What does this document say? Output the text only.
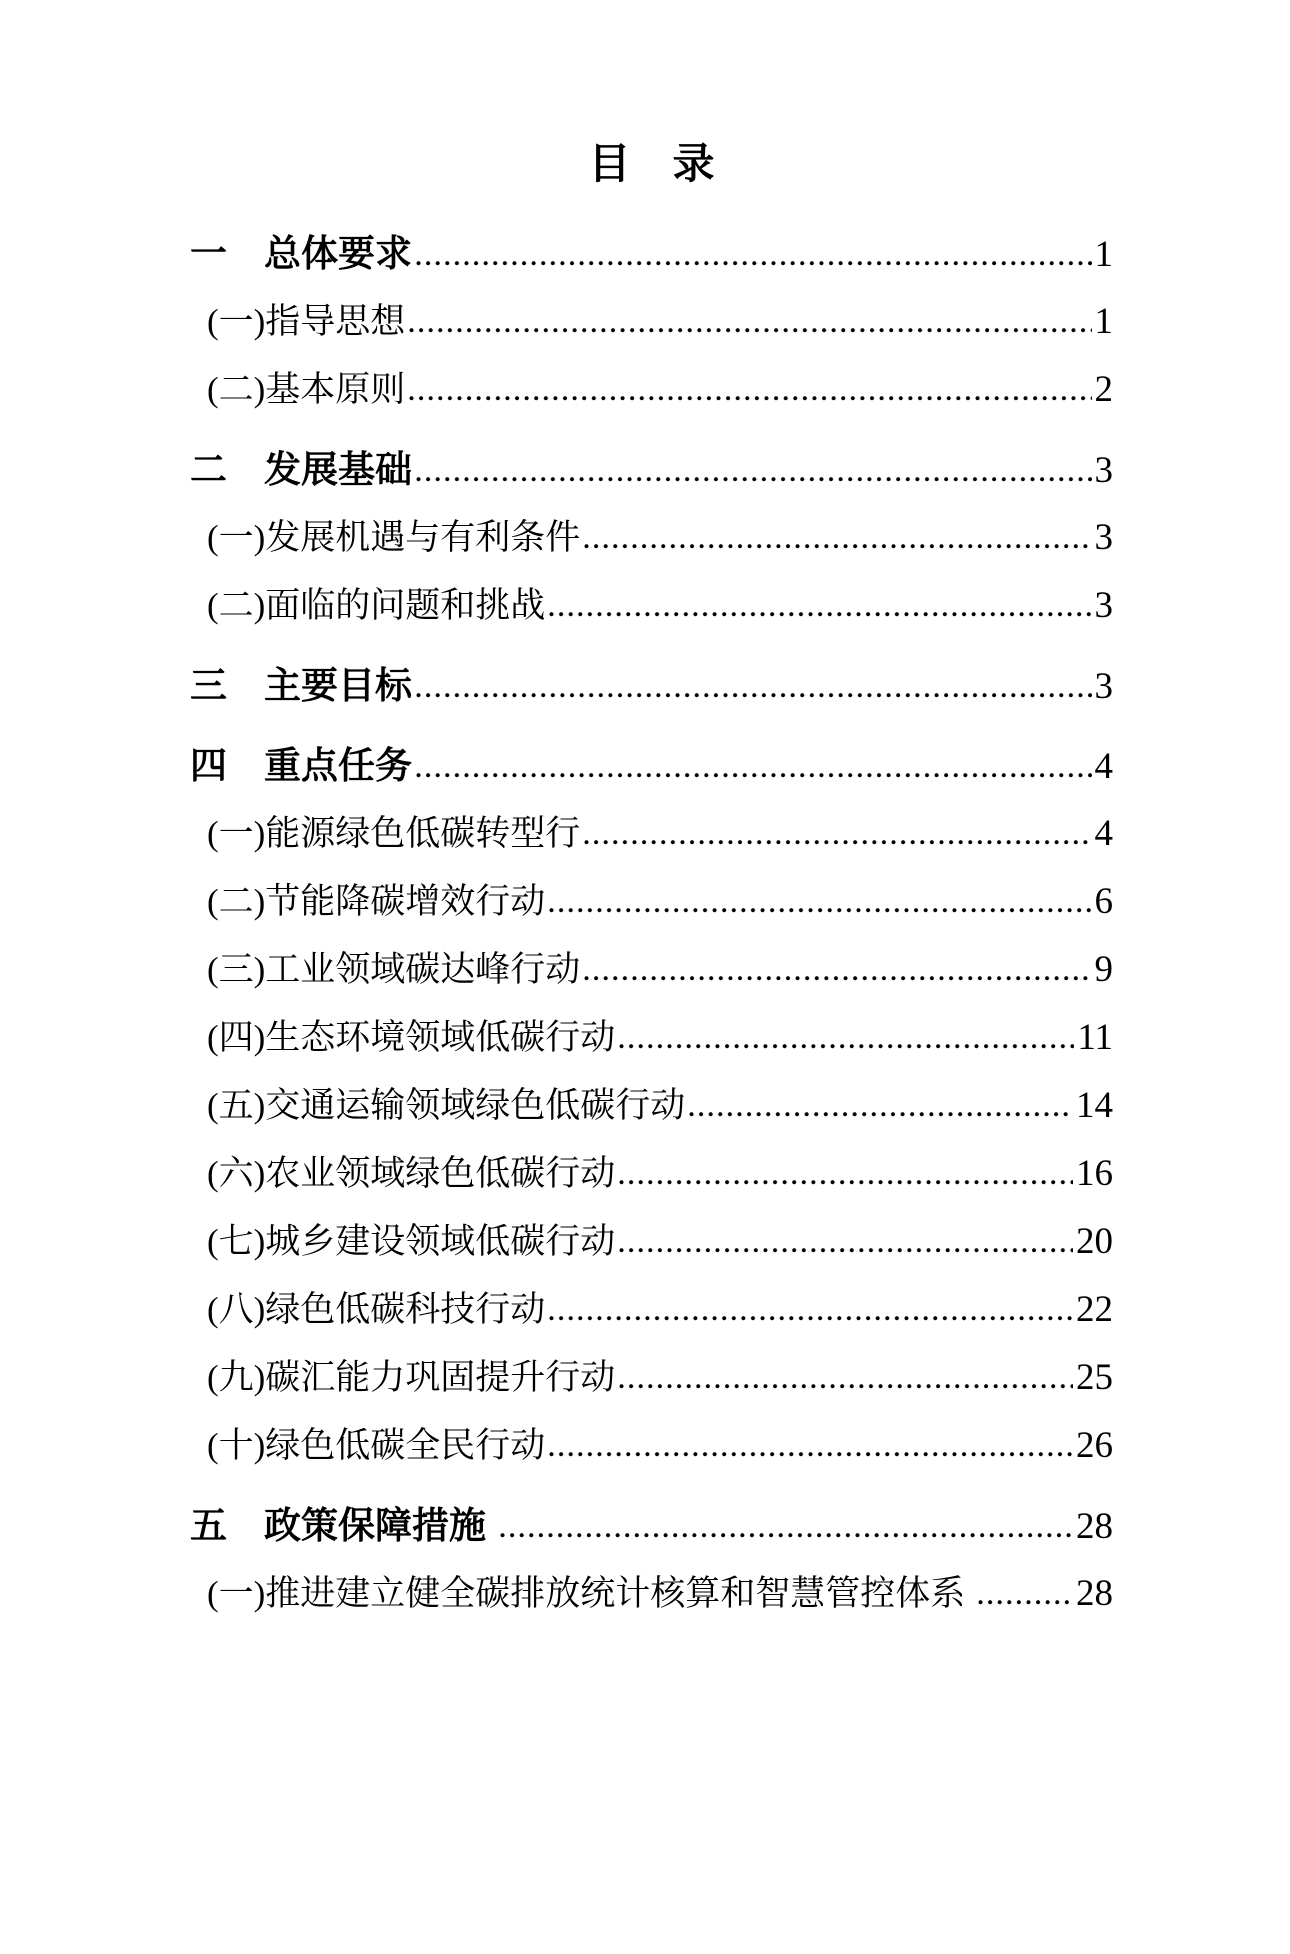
目　录
一　总体要求	1
(一)指导思想	1
(二)基本原则	2
二　发展基础	3
(一)发展机遇与有利条件	3
(二)面临的问题和挑战	3
三　主要目标	3
四　重点任务	4
(一)能源绿色低碳转型行	4
(二)节能降碳增效行动	6
(三)工业领域碳达峰行动	9
(四)生态环境领域低碳行动	11
(五)交通运输领域绿色低碳行动	14
(六)农业领域绿色低碳行动	16
(七)城乡建设领域低碳行动	20
(八)绿色低碳科技行动	22
(九)碳汇能力巩固提升行动	25
(十)绿色低碳全民行动	26
五　政策保障措施	28
(一)推进建立健全碳排放统计核算和智慧管控体系	28
